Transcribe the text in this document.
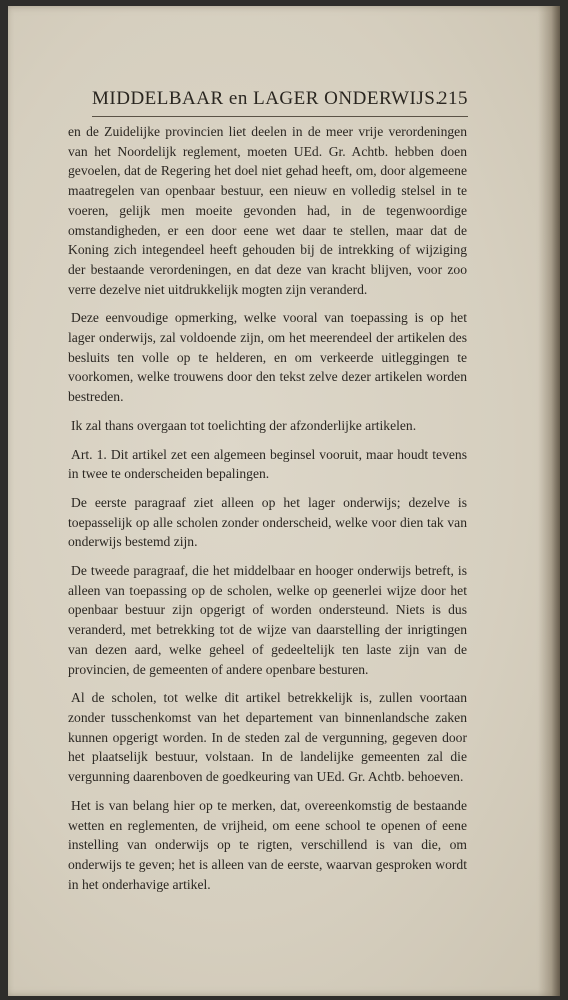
MIDDELBAAR en LAGER ONDERWIJS.
215

en de Zuidelijke provincien liet deelen in de meer vrije verordeningen van het Noordelijk reglement, moeten UEd. Gr. Achtb. hebben doen gevoelen, dat de Regering het doel niet gehad heeft, om, door algemeene maatregelen van openbaar bestuur, een nieuw en volledig stelsel in te voeren, gelijk men moeite gevonden had, in de tegenwoordige omstandigheden, er een door eene wet daar te stellen, maar dat de Koning zich integendeel heeft gehouden bij de intrekking of wijziging der bestaande verordeningen, en dat deze van kracht blijven, voor zoo verre dezelve niet uitdrukkelijk mogten zijn veranderd.

Deze eenvoudige opmerking, welke vooral van toepassing is op het lager onderwijs, zal voldoende zijn, om het meerendeel der artikelen des besluits ten volle op te helderen, en om verkeerde uitleggingen te voorkomen, welke trouwens door den tekst zelve dezer artikelen worden bestreden.

Ik zal thans overgaan tot toelichting der afzonderlijke artikelen.

Art. 1. Dit artikel zet een algemeen beginsel vooruit, maar houdt tevens in twee te onderscheiden bepalingen.

De eerste paragraaf ziet alleen op het lager onderwijs; dezelve is toepasselijk op alle scholen zonder onderscheid, welke voor dien tak van onderwijs bestemd zijn.

De tweede paragraaf, die het middelbaar en hooger onderwijs betreft, is alleen van toepassing op de scholen, welke op geenerlei wijze door het openbaar bestuur zijn opgerigt of worden ondersteund. Niets is dus veranderd, met betrekking tot de wijze van daarstelling der inrigtingen van dezen aard, welke geheel of gedeeltelijk ten laste zijn van de provincien, de gemeenten of andere openbare besturen.

Al de scholen, tot welke dit artikel betrekkelijk is, zullen voortaan zonder tusschenkomst van het departement van binnenlandsche zaken kunnen opgerigt worden. In de steden zal de vergunning, gegeven door het plaatselijk bestuur, volstaan. In de landelijke gemeenten zal die vergunning daarenboven de goedkeuring van UEd. Gr. Achtb. behoeven.

Het is van belang hier op te merken, dat, overeenkomstig de bestaande wetten en reglementen, de vrijheid, om eene school te openen of eene instelling van onderwijs op te rigten, verschillend is van die, om onderwijs te geven; het is alleen van de eerste, waarvan gesproken wordt in het onderhavige artikel.
